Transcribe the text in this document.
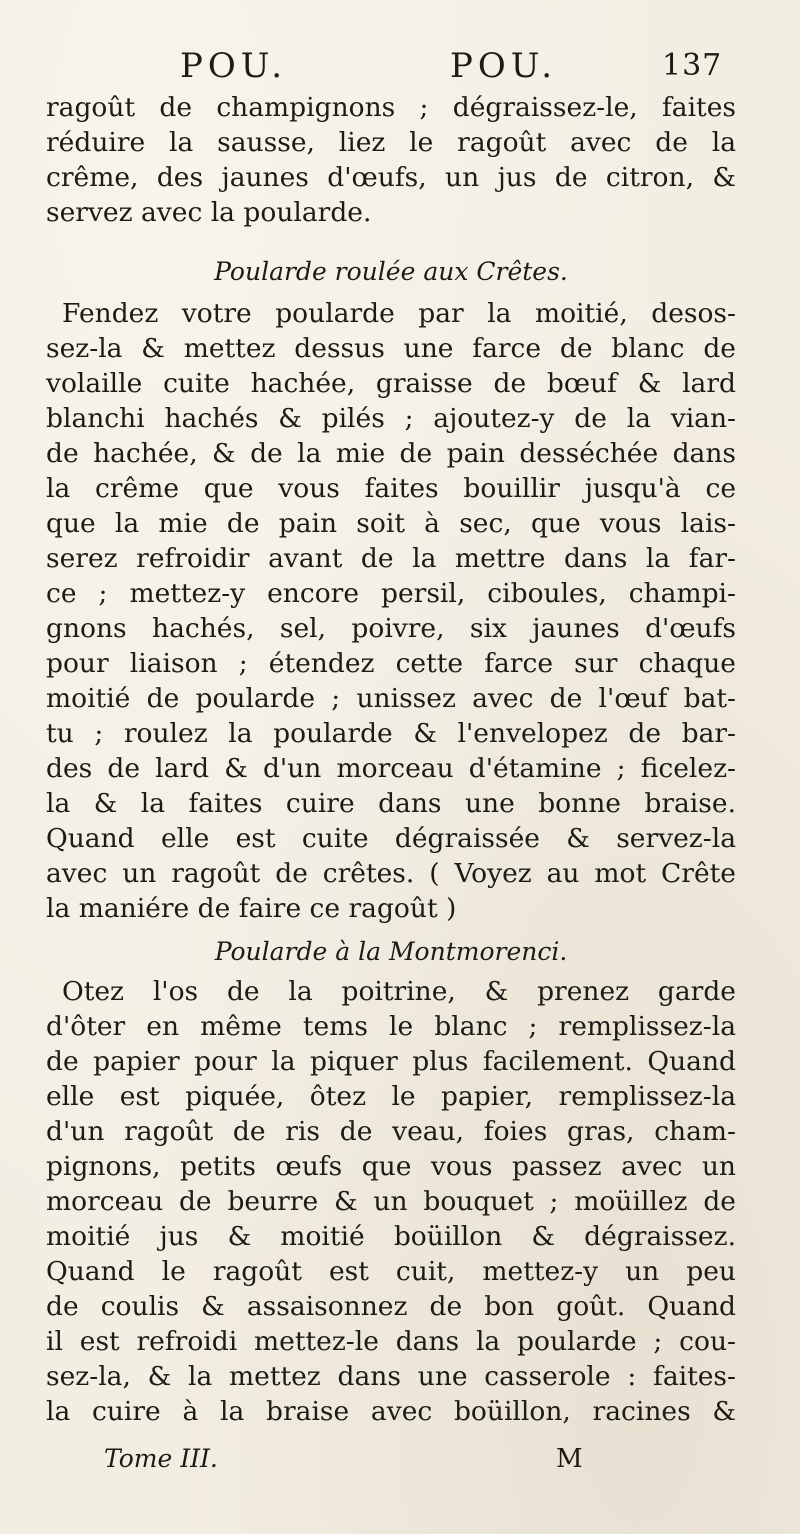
POU.	POU.	137
ragoût de champignons ; dégraissez-le, faites
réduire la sausse, liez le ragoût avec de la
crême, des jaunes d'œufs, un jus de citron, &
servez avec la poularde.
Poularde roulée aux Crêtes.
Fendez votre poularde par la moitié, desos-
sez-la & mettez dessus une farce de blanc de
volaille cuite hachée, graisse de bœuf & lard
blanchi hachés & pilés ; ajoutez-y de la vian-
de hachée, & de la mie de pain desséchée dans
la crême que vous faites bouillir jusqu'à ce
que la mie de pain soit à sec, que vous lais-
serez refroidir avant de la mettre dans la far-
ce ; mettez-y encore persil, ciboules, champi-
gnons hachés, sel, poivre, six jaunes d'œufs
pour liaison ; étendez cette farce sur chaque
moitié de poularde ; unissez avec de l'œuf bat-
tu ; roulez la poularde & l'envelopez de bar-
des de lard & d'un morceau d'étamine ; ficelez-
la & la faites cuire dans une bonne braise.
Quand elle est cuite dégraissée & servez-la
avec un ragoût de crêtes. ( Voyez au mot Crête
la maniére de faire ce ragoût )
Poularde à la Montmorenci.
Otez l'os de la poitrine, & prenez garde
d'ôter en même tems le blanc ; remplissez-la
de papier pour la piquer plus facilement. Quand
elle est piquée, ôtez le papier, remplissez-la
d'un ragoût de ris de veau, foies gras, cham-
pignons, petits œufs que vous passez avec un
morceau de beurre & un bouquet ; moüillez de
moitié jus & moitié boüillon & dégraissez.
Quand le ragoût est cuit, mettez-y un peu
de coulis & assaisonnez de bon goût. Quand
il est refroidi mettez-le dans la poularde ; cou-
sez-la, & la mettez dans une casserole : faites-
la cuire à la braise avec boüillon, racines &
Tome III.	M
